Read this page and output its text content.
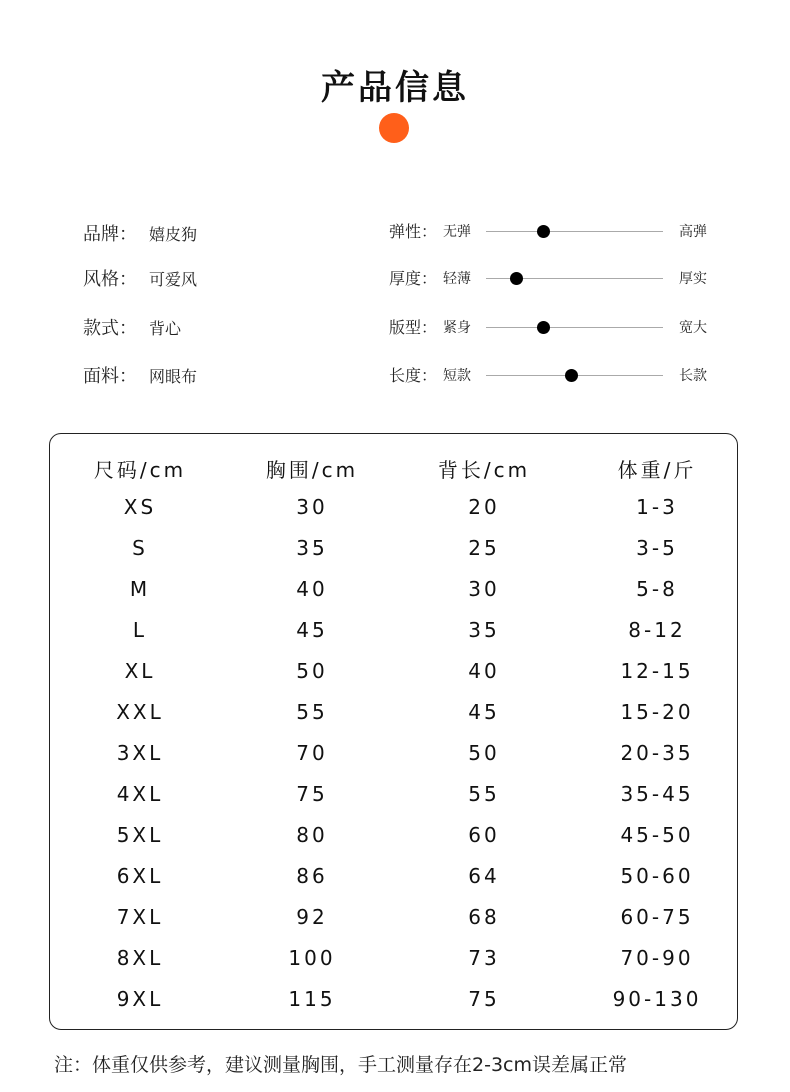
产品信息
品牌： 嬉皮狗
风格： 可爱风
款式： 背心
面料： 网眼布
弹性： 无弹	高弹
厚度： 轻薄	厚实
版型： 紧身	宽大
长度： 短款	长款
尺码/cm	胸围/cm	背长/cm	体重/斤
XS	30	20	1-3
S	35	25	3-5
M	40	30	5-8
L	45	35	8-12
XL	50	40	12-15
XXL	55	45	15-20
3XL	70	50	20-35
4XL	75	55	35-45
5XL	80	60	45-50
6XL	86	64	50-60
7XL	92	68	60-75
8XL	100	73	70-90
9XL	115	75	90-130
注：体重仅供参考，建议测量胸围，手工测量存在2-3cm误差属正常
